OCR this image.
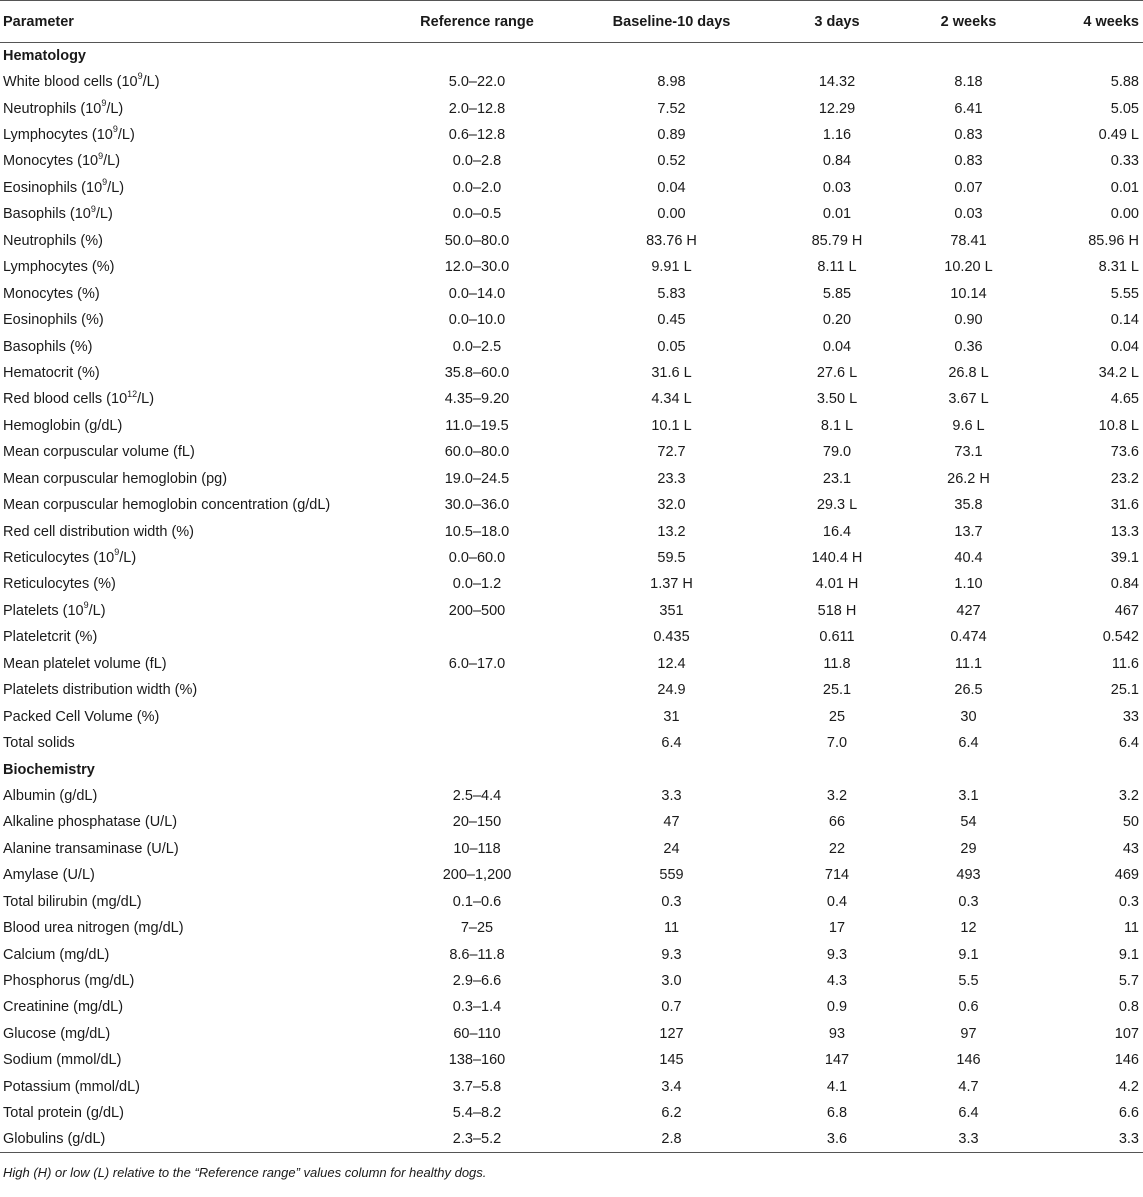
Parameter	Reference range	Baseline-10 days	3 days	2 weeks	4 weeks
Hematology					
White blood cells $(10^9/L)$	5.0–22.0	8.98	14.32	8.18	5.88
Neutrophils $(10^9/L)$	2.0–12.8	7.52	12.29	6.41	5.05
Lymphocytes $(10^9/L)$	0.6–12.8	0.89	1.16	0.83	0.49 L
Monocytes $(10^9/L)$	0.0–2.8	0.52	0.84	0.83	0.33
Eosinophils $(10^9/L)$	0.0–2.0	0.04	0.03	0.07	0.01
Basophils $(10^9/L)$	0.0–0.5	0.00	0.01	0.03	0.00
Neutrophils (%)	50.0–80.0	83.76 H	85.79 H	78.41	85.96 H
Lymphocytes (%)	12.0–30.0	9.91 L	8.11 L	10.20 L	8.31 L
Monocytes (%)	0.0–14.0	5.83	5.85	10.14	5.55
Eosinophils (%)	0.0–10.0	0.45	0.20	0.90	0.14
Basophils (%)	0.0–2.5	0.05	0.04	0.36	0.04
Hematocrit (%)	35.8–60.0	31.6 L	27.6 L	26.8 L	34.2 L
Red blood cells $(10^{12}/L)$	4.35–9.20	4.34 L	3.50 L	3.67 L	4.65
Hemoglobin (g/dL)	11.0–19.5	10.1 L	8.1 L	9.6 L	10.8 L
Mean corpuscular volume (fL)	60.0–80.0	72.7	79.0	73.1	73.6
Mean corpuscular hemoglobin (pg)	19.0–24.5	23.3	23.1	26.2 H	23.2
Mean corpuscular hemoglobin concentration (g/dL)	30.0–36.0	32.0	29.3 L	35.8	31.6
Red cell distribution width (%)	10.5–18.0	13.2	16.4	13.7	13.3
Reticulocytes $(10^9/L)$	0.0–60.0	59.5	140.4 H	40.4	39.1
Reticulocytes (%)	0.0–1.2	1.37 H	4.01 H	1.10	0.84
Platelets $(10^9/L)$	200–500	351	518 H	427	467
Plateletcrit (%)		0.435	0.611	0.474	0.542
Mean platelet volume (fL)	6.0–17.0	12.4	11.8	11.1	11.6
Platelets distribution width (%)		24.9	25.1	26.5	25.1
Packed Cell Volume (%)		31	25	30	33
Total solids		6.4	7.0	6.4	6.4
Biochemistry					
Albumin (g/dL)	2.5–4.4	3.3	3.2	3.1	3.2
Alkaline phosphatase (U/L)	20–150	47	66	54	50
Alanine transaminase (U/L)	10–118	24	22	29	43
Amylase (U/L)	200–1,200	559	714	493	469
Total bilirubin (mg/dL)	0.1–0.6	0.3	0.4	0.3	0.3
Blood urea nitrogen (mg/dL)	7–25	11	17	12	11
Calcium (mg/dL)	8.6–11.8	9.3	9.3	9.1	9.1
Phosphorus (mg/dL)	2.9–6.6	3.0	4.3	5.5	5.7
Creatinine (mg/dL)	0.3–1.4	0.7	0.9	0.6	0.8
Glucose (mg/dL)	60–110	127	93	97	107
Sodium (mmol/dL)	138–160	145	147	146	146
Potassium (mmol/dL)	3.7–5.8	3.4	4.1	4.7	4.2
Total protein (g/dL)	5.4–8.2	6.2	6.8	6.4	6.6
Globulins (g/dL)	2.3–5.2	2.8	3.6	3.3	3.3
High (H) or low (L) relative to the “Reference range” values column for healthy dogs.
